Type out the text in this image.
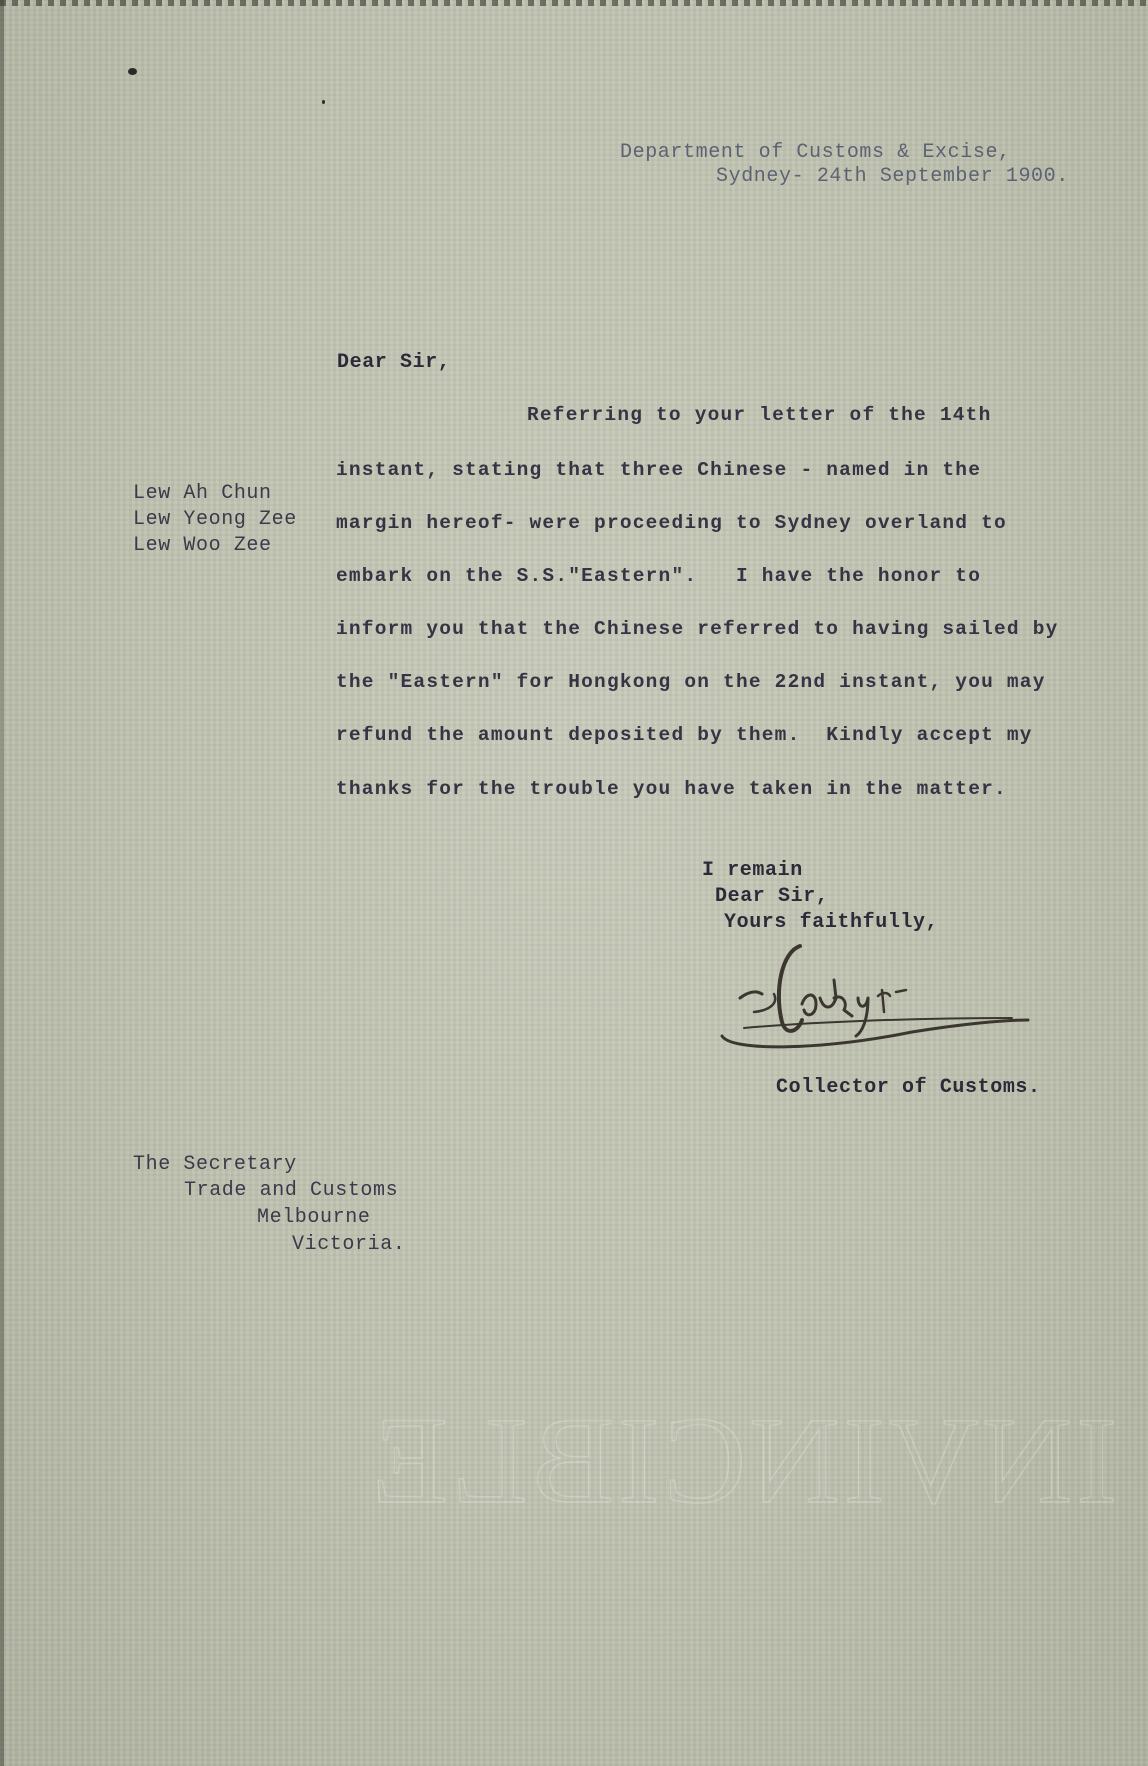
INVINCIBLE

Department of Customs & Excise,

Sydney- 24th September 1900.

Dear Sir,

Lew Ah Chun

Lew Yeong Zee

Lew Woo Zee

Referring to your letter of the 14th

instant, stating that three Chinese - named in the

margin hereof- were proceeding to Sydney overland to

embark on the S.S."Eastern".   I have the honor to

inform you that the Chinese referred to having sailed by

the "Eastern" for Hongkong on the 22nd instant, you may

refund the amount deposited by them.  Kindly accept my

thanks for the trouble you have taken in the matter.

I remain

Dear Sir,

Yours faithfully,

Collector of Customs.

The Secretary

Trade and Customs

Melbourne

Victoria.
